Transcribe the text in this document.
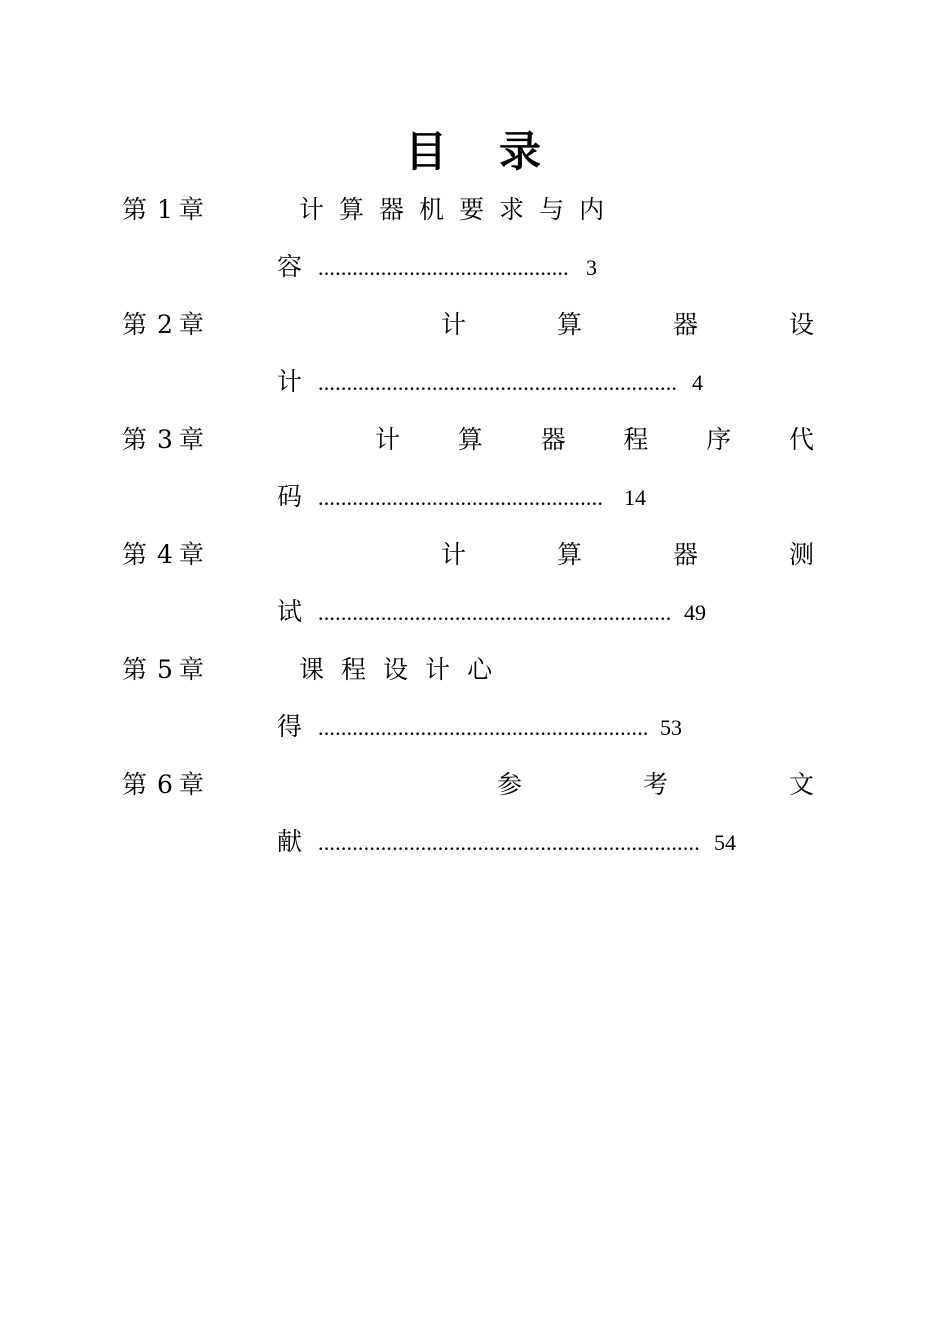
目 录
第 1 章	计 算 器 机 要 求 与 内
容 ............................................ 3
第 2 章	计	算	器	设
计 ............................................................... 4
第 3 章	计 算 器 程 序 代
码 .................................................. 14
第 4 章	计	算	器	测
试 .............................................................. 49
第 5 章	课 程 设 计 心
得 .......................................................... 53
第 6 章	参	考	文
献 ................................................................... 54
